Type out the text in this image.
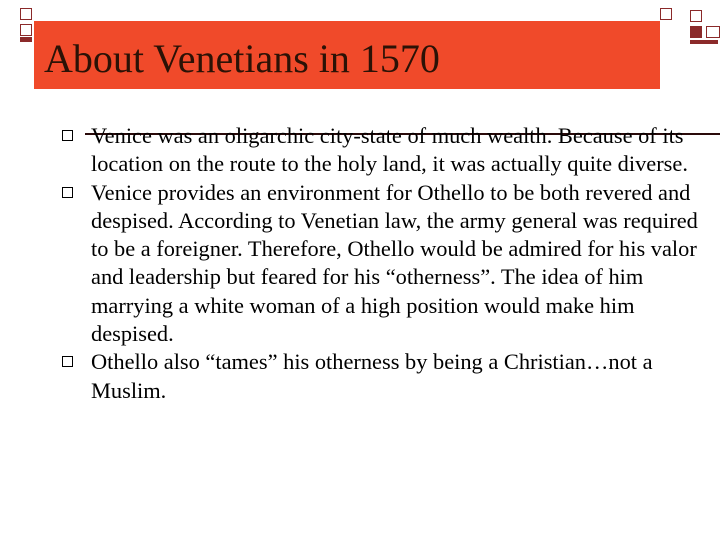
About Venetians in 1570

Venice was an oligarchic city-state of much wealth. Because of its location on the route to the holy land, it was actually quite diverse.

Venice provides an environment for Othello to be both revered and despised. According to Venetian law, the army general was required to be a foreigner. Therefore, Othello would be admired for his valor and leadership but feared for his “otherness”. The idea of him marrying a white woman of a high position would make him despised.

Othello also “tames” his otherness by being a Christian…not a Muslim.
